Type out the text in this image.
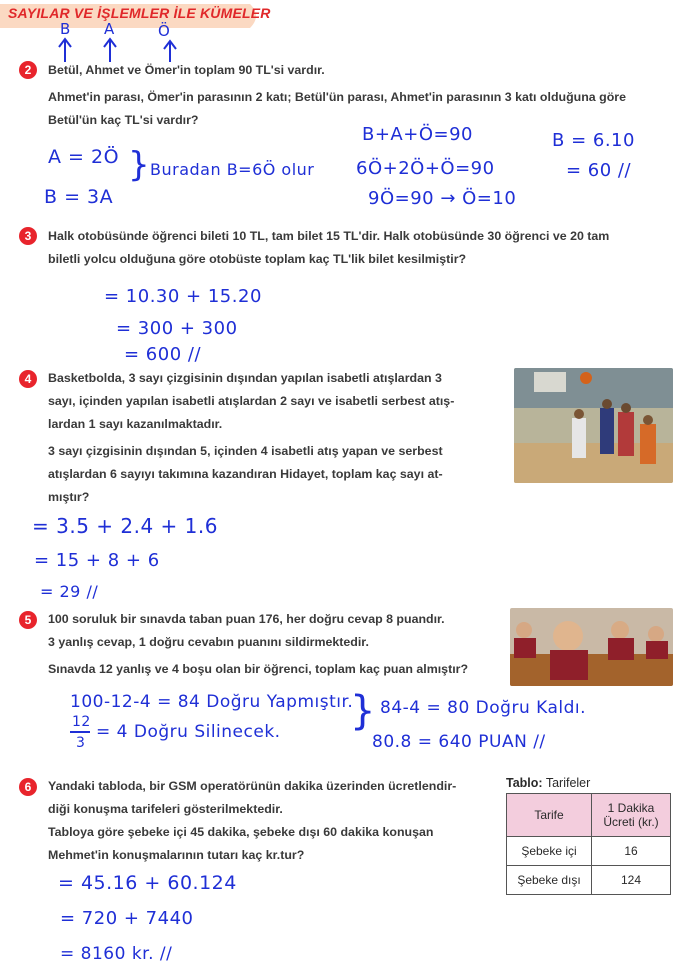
SAYILAR VE İŞLEMLER İLE KÜMELER
B A	Ö
2	Betül, Ahmet ve Ömer'in toplam 90 TL'si vardır.
Ahmet'in parası, Ömer'in parasının 2 katı; Betül'ün parası, Ahmet'in parasının 3 katı olduğuna göre
Betül'ün kaç TL'si vardır?
A = 2Ö
B = 3A
} Buradan B=6Ö olur
B+A+Ö=90
6Ö+2Ö+Ö=90
9Ö=90 → Ö=10
B = 6.10
= 60 //
3	Halk otobüsünde öğrenci bileti 10 TL, tam bilet 15 TL'dir. Halk otobüsünde 30 öğrenci ve 20 tam
biletli yolcu olduğuna göre otobüste toplam kaç TL'lik bilet kesilmiştir?
= 10.30 + 15.20
= 300 + 300
= 600 //
4	Basketbolda, 3 sayı çizgisinin dışından yapılan isabetli atışlardan 3
sayı, içinden yapılan isabetli atışlardan 2 sayı ve isabetli serbest atış-
lardan 1 sayı kazanılmaktadır.
3 sayı çizgisinin dışından 5, içinden 4 isabetli atış yapan ve serbest
atışlardan 6 sayıyı takımına kazandıran Hidayet, toplam kaç sayı at-
mıştır?
= 3.5 + 2.4 + 1.6
= 15 + 8 + 6
= 29 //
5	100 soruluk bir sınavda taban puan 176, her doğru cevap 8 puandır.
3 yanlış cevap, 1 doğru cevabın puanını sildirmektedir.
Sınavda 12 yanlış ve 4 boşu olan bir öğrenci, toplam kaç puan almıştır?
100-12-4 = 84 Doğru Yapmıştır.
12
3
= 4 Doğru Silinecek. } 84-4 = 80 Doğru Kaldı.
80.8 = 640 PUAN //
6	Yandaki tabloda, bir GSM operatörünün dakika üzerinden ücretlendir-
diği konuşma tarifeleri gösterilmektedir.
Tabloya göre şebeke içi 45 dakika, şebeke dışı 60 dakika konuşan
Mehmet'in konuşmalarının tutarı kaç kr.tur?
Tablo: Tarifeler
Tarife	1 Dakika
Ücreti (kr.)

Şebeke içi	16
Şebeke dışı	124
= 45.16 + 60.124
= 720 + 7440
= 8160 kr. //
